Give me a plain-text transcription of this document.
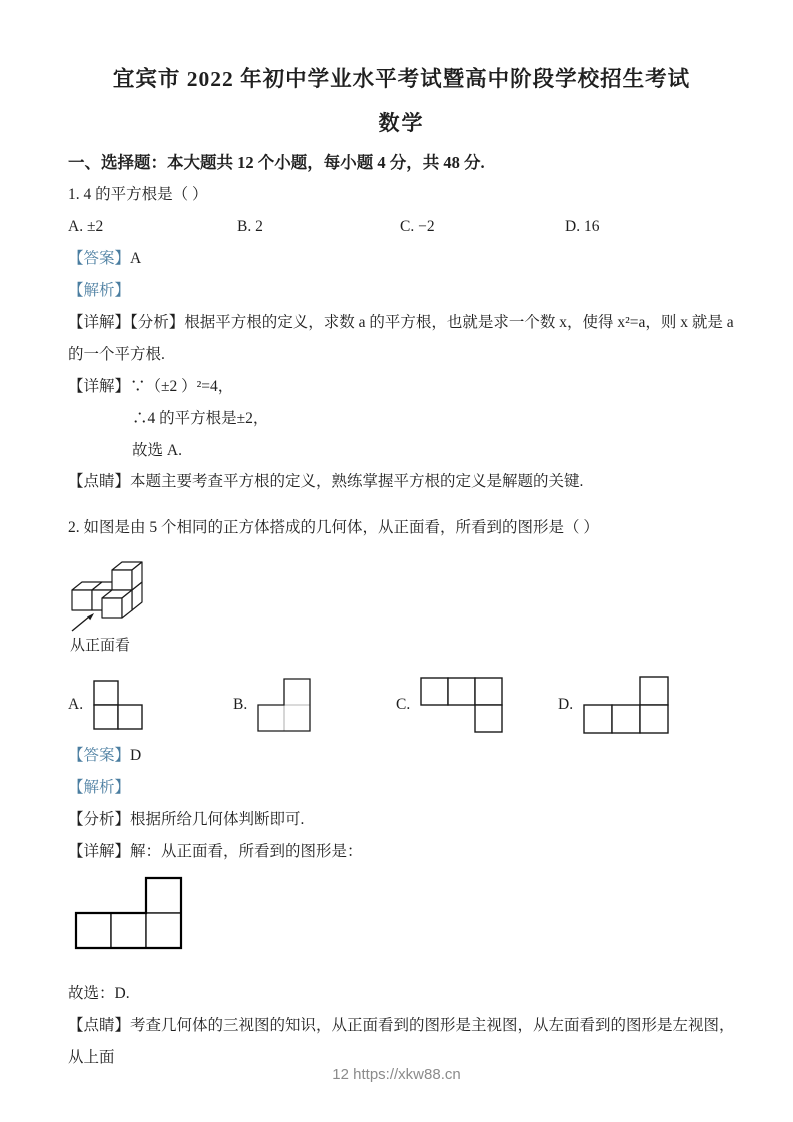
宜宾市 2022 年初中学业水平考试暨高中阶段学校招生考试
数学

一、选择题：本大题共 12 个小题，每小题 4 分，共 48 分.

1. 4 的平方根是（ ）

A. ±2	B. 2	C. −2	D. 16

【答案】A

【解析】

【详解】【分析】根据平方根的定义，求数 a 的平方根，也就是求一个数 x，使得 x²=a，则 x 就是 a 的一个平方根.

【详解】∵（±2 ）²=4，

∴4 的平方根是±2，

故选 A.

【点睛】本题主要考查平方根的定义，熟练掌握平方根的定义是解题的关键.

2. 如图是由 5 个相同的正方体搭成的几何体，从正面看，所看到的图形是（ ）

从正面看
A.	B.	C.	D.

【答案】D

【解析】

【分析】根据所给几何体判断即可.

【详解】解：从正面看，所看到的图形是：

故选：D.

【点睛】考查几何体的三视图的知识，从正面看到的图形是主视图，从左面看到的图形是左视图，从上面

12 https://xkw88.cn
